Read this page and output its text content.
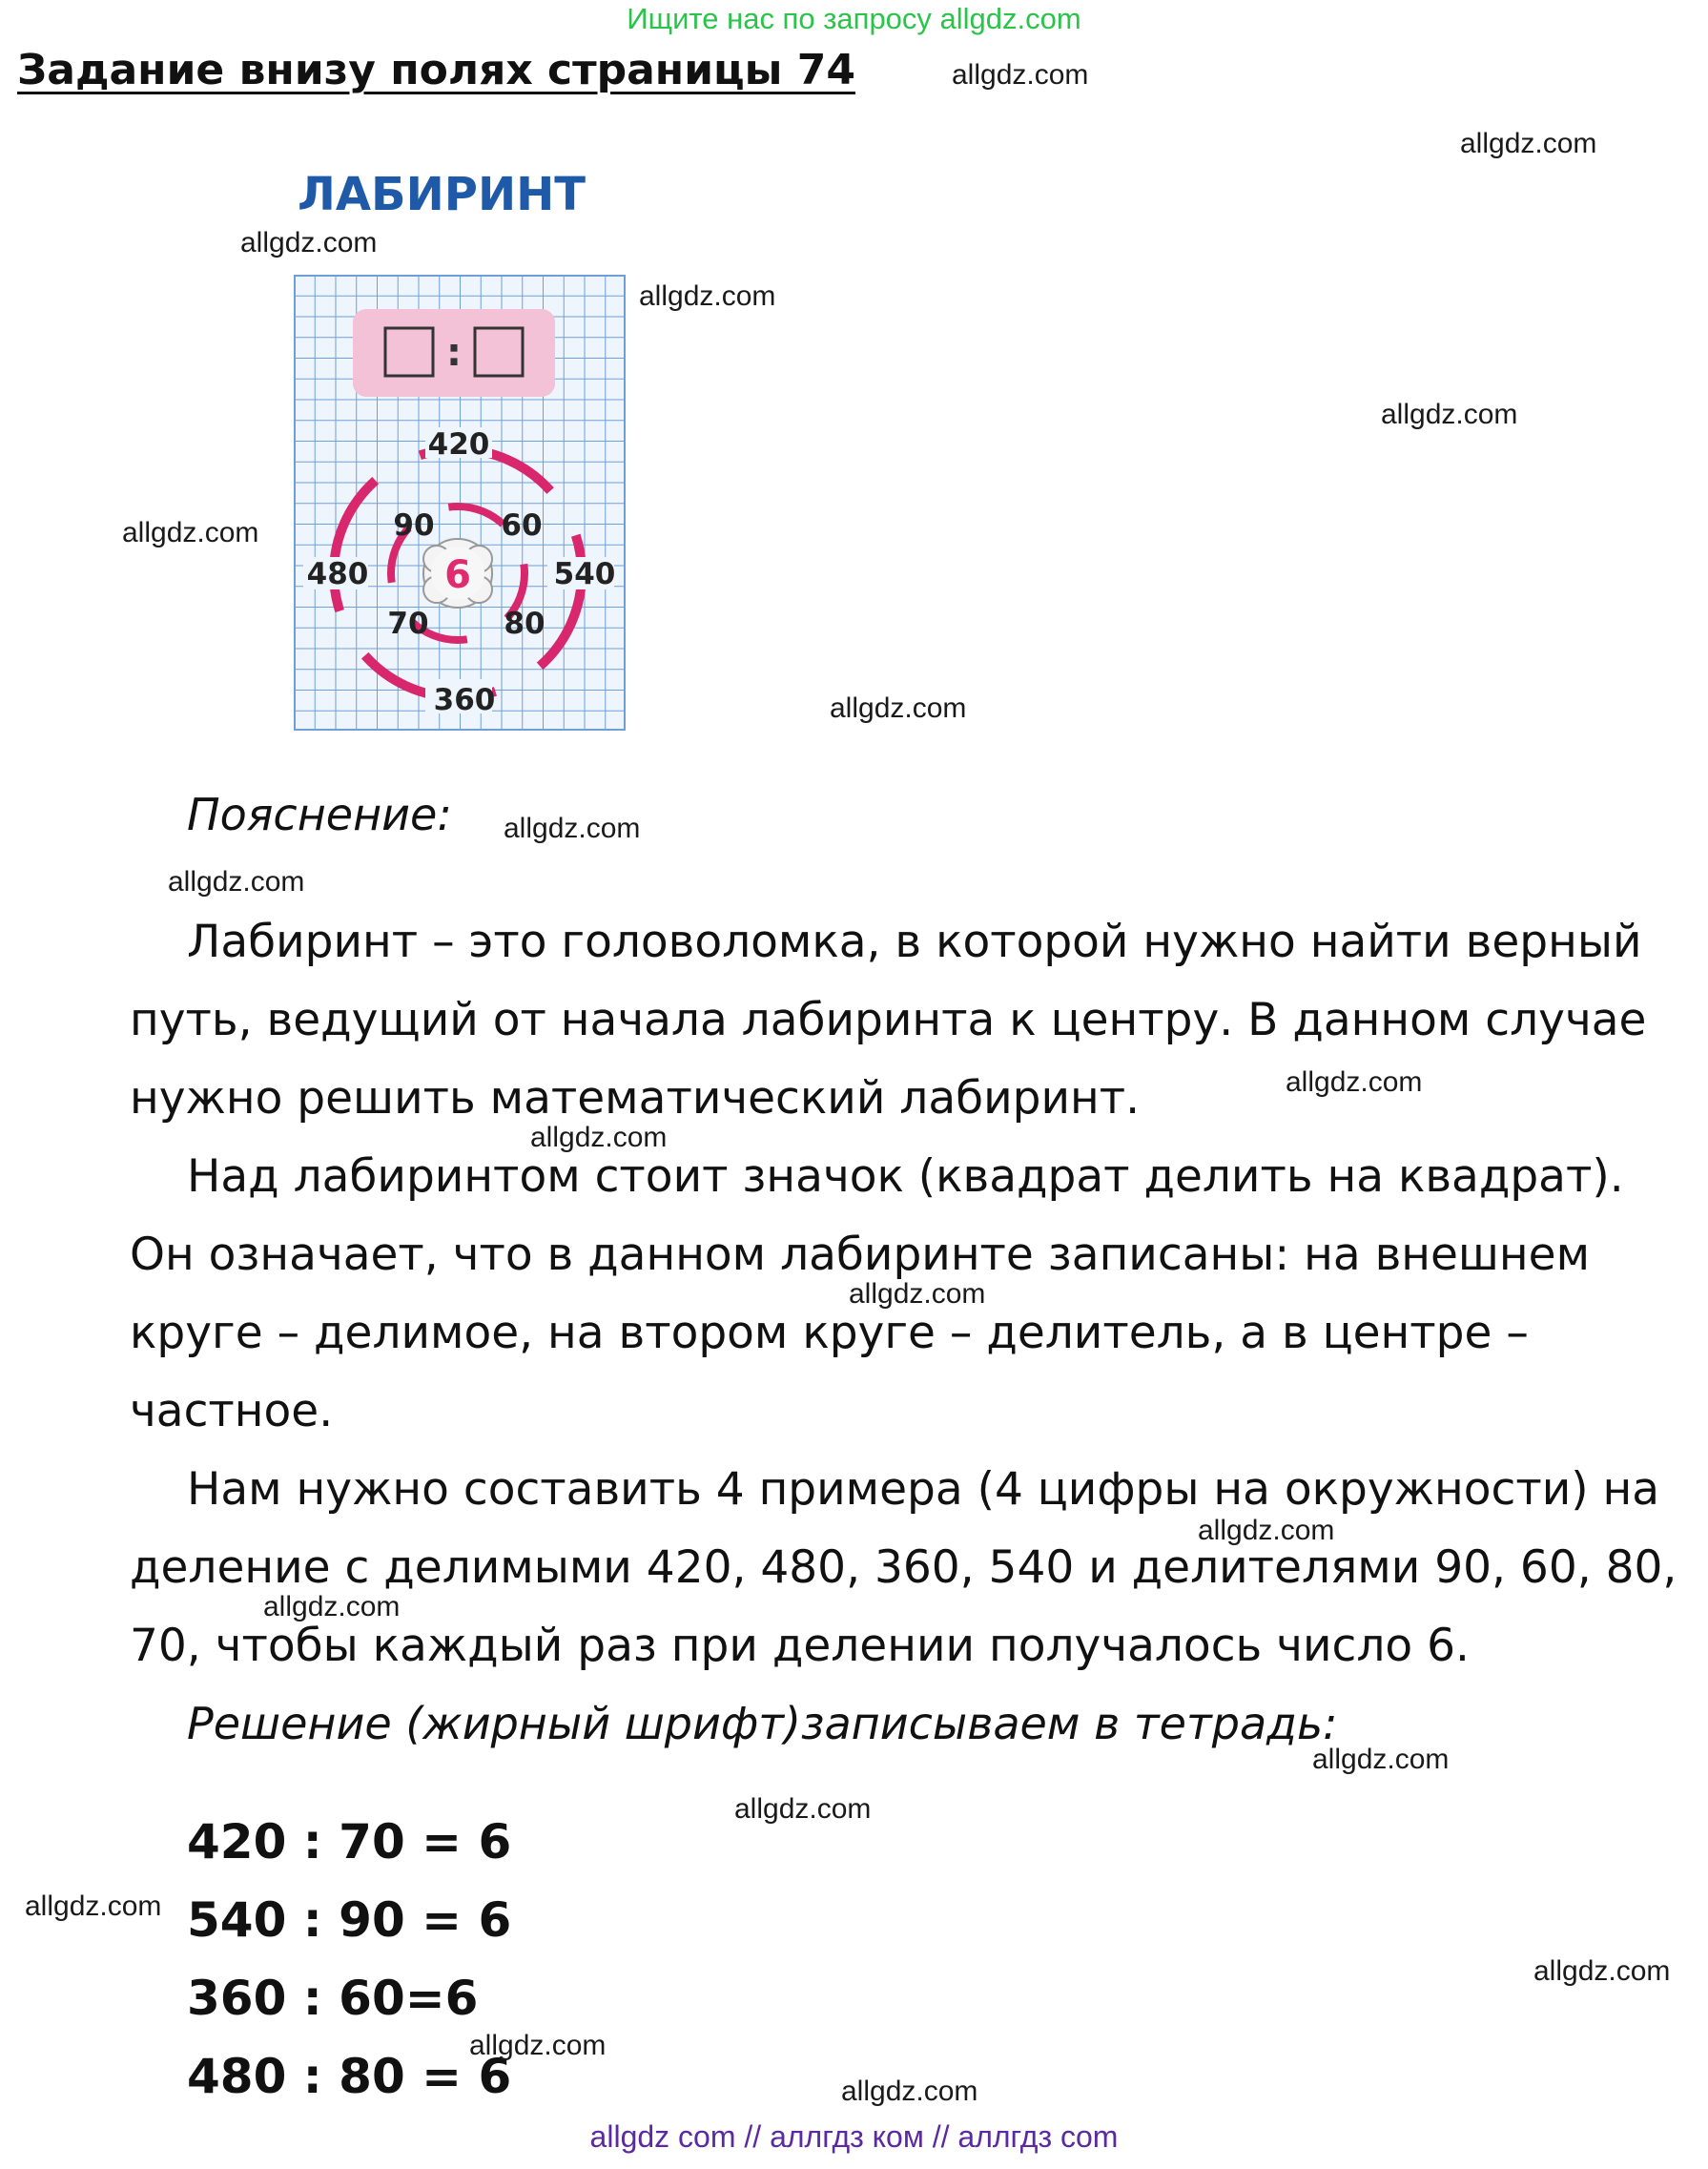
Ищите нас по запросу allgdz.com
Задание внизу полях страницы 74
ЛАБИРИНТ
:
6
420
540
360
480
90 60
80
70
Пояснение:

Лабиринт – это головоломка, в которой нужно найти верный путь, ведущий от начала лабиринта к центру. В данном случае нужно решить математический лабиринт.

Над лабиринтом стоит значок (квадрат делить на квадрат). Он означает, что в данном лабиринте записаны: на внешнем круге – делимое, на втором круге – делитель, а в центре – частное.

Нам нужно составить 4 примера (4 цифры на окружности) на деление с делимыми 420, 480, 360, 540 и делителями 90, 60, 80, 70, чтобы каждый раз при делении получалось число 6.

Решение (жирный шрифт)записываем в тетрадь:
420 : 70 = 6
540 : 90 = 6
360 : 60=6
480 : 80 = 6
allgdz.com
allgdz.com
allgdz.com
allgdz.com
allgdz.com
allgdz.com
allgdz.com
allgdz.com
allgdz.com
allgdz.com
allgdz.com
allgdz.com
allgdz.com
allgdz.com
allgdz.com
allgdz.com
allgdz.com
allgdz.com
allgdz.com
allgdz.com
allgdz com // аллгдз ком // аллгдз com
